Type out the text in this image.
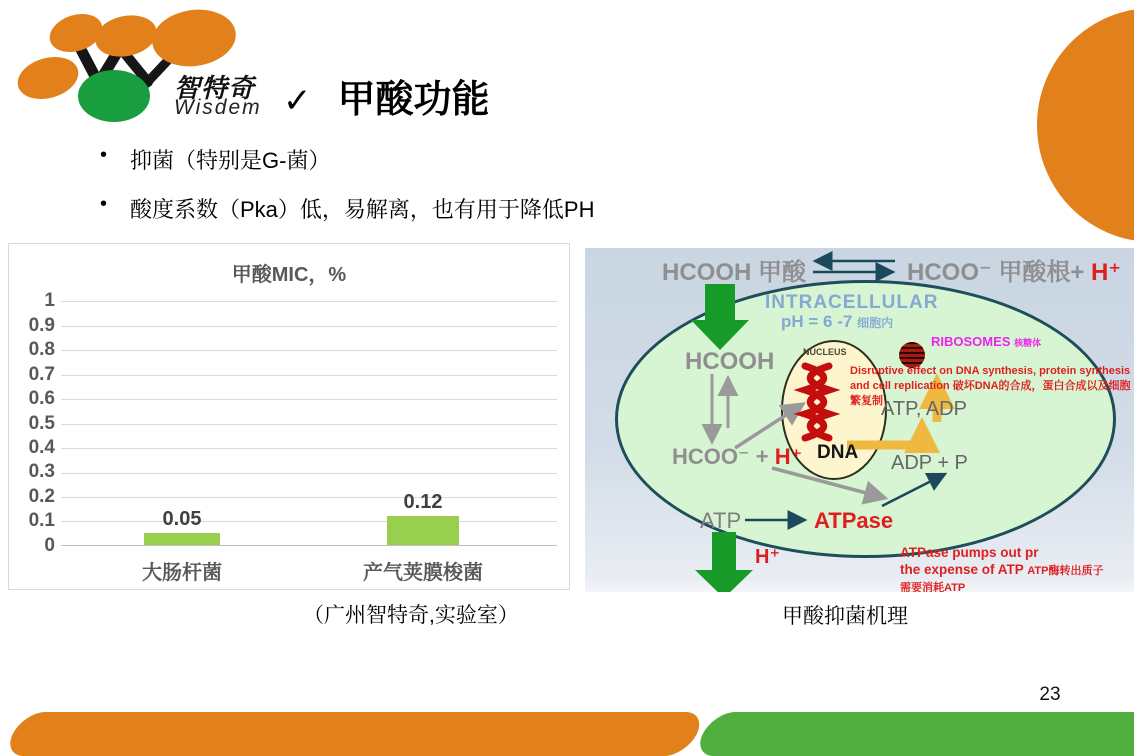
23
智特奇
Wisdem ✓ 甲酸功能
•	抑菌（特别是G-菌）
•	酸度系数（Pka）低，易解离，也有用于降低PH
甲酸MIC，%
1
0.9
0.8
0.7
0.6
0.5
0.4
0.3
0.2
0.1
0
0.05
0.12
大肠杆菌	产气荚膜梭菌
（广州智特奇,实验室）
HCOOH 甲酸	HCOO⁻ 甲酸根+ H⁺
INTRACELLULAR
pH = 6 -7 细胞内
RIBOSOMES 核糖体
NUCLEUS
HCOOH	Disruptive effect on DNA synthesis, protein synthesis and cell replication 破坏DNA的合成，蛋白合成以及细胞繁复制
ATP, ADP
DNA ADP + P
HCOO⁻ + H⁺
ATP	ATPase
H⁺	ATPase pumps out pr
the expense of ATP ATP酶转出质子
需要消耗ATP
甲酸抑菌机理
